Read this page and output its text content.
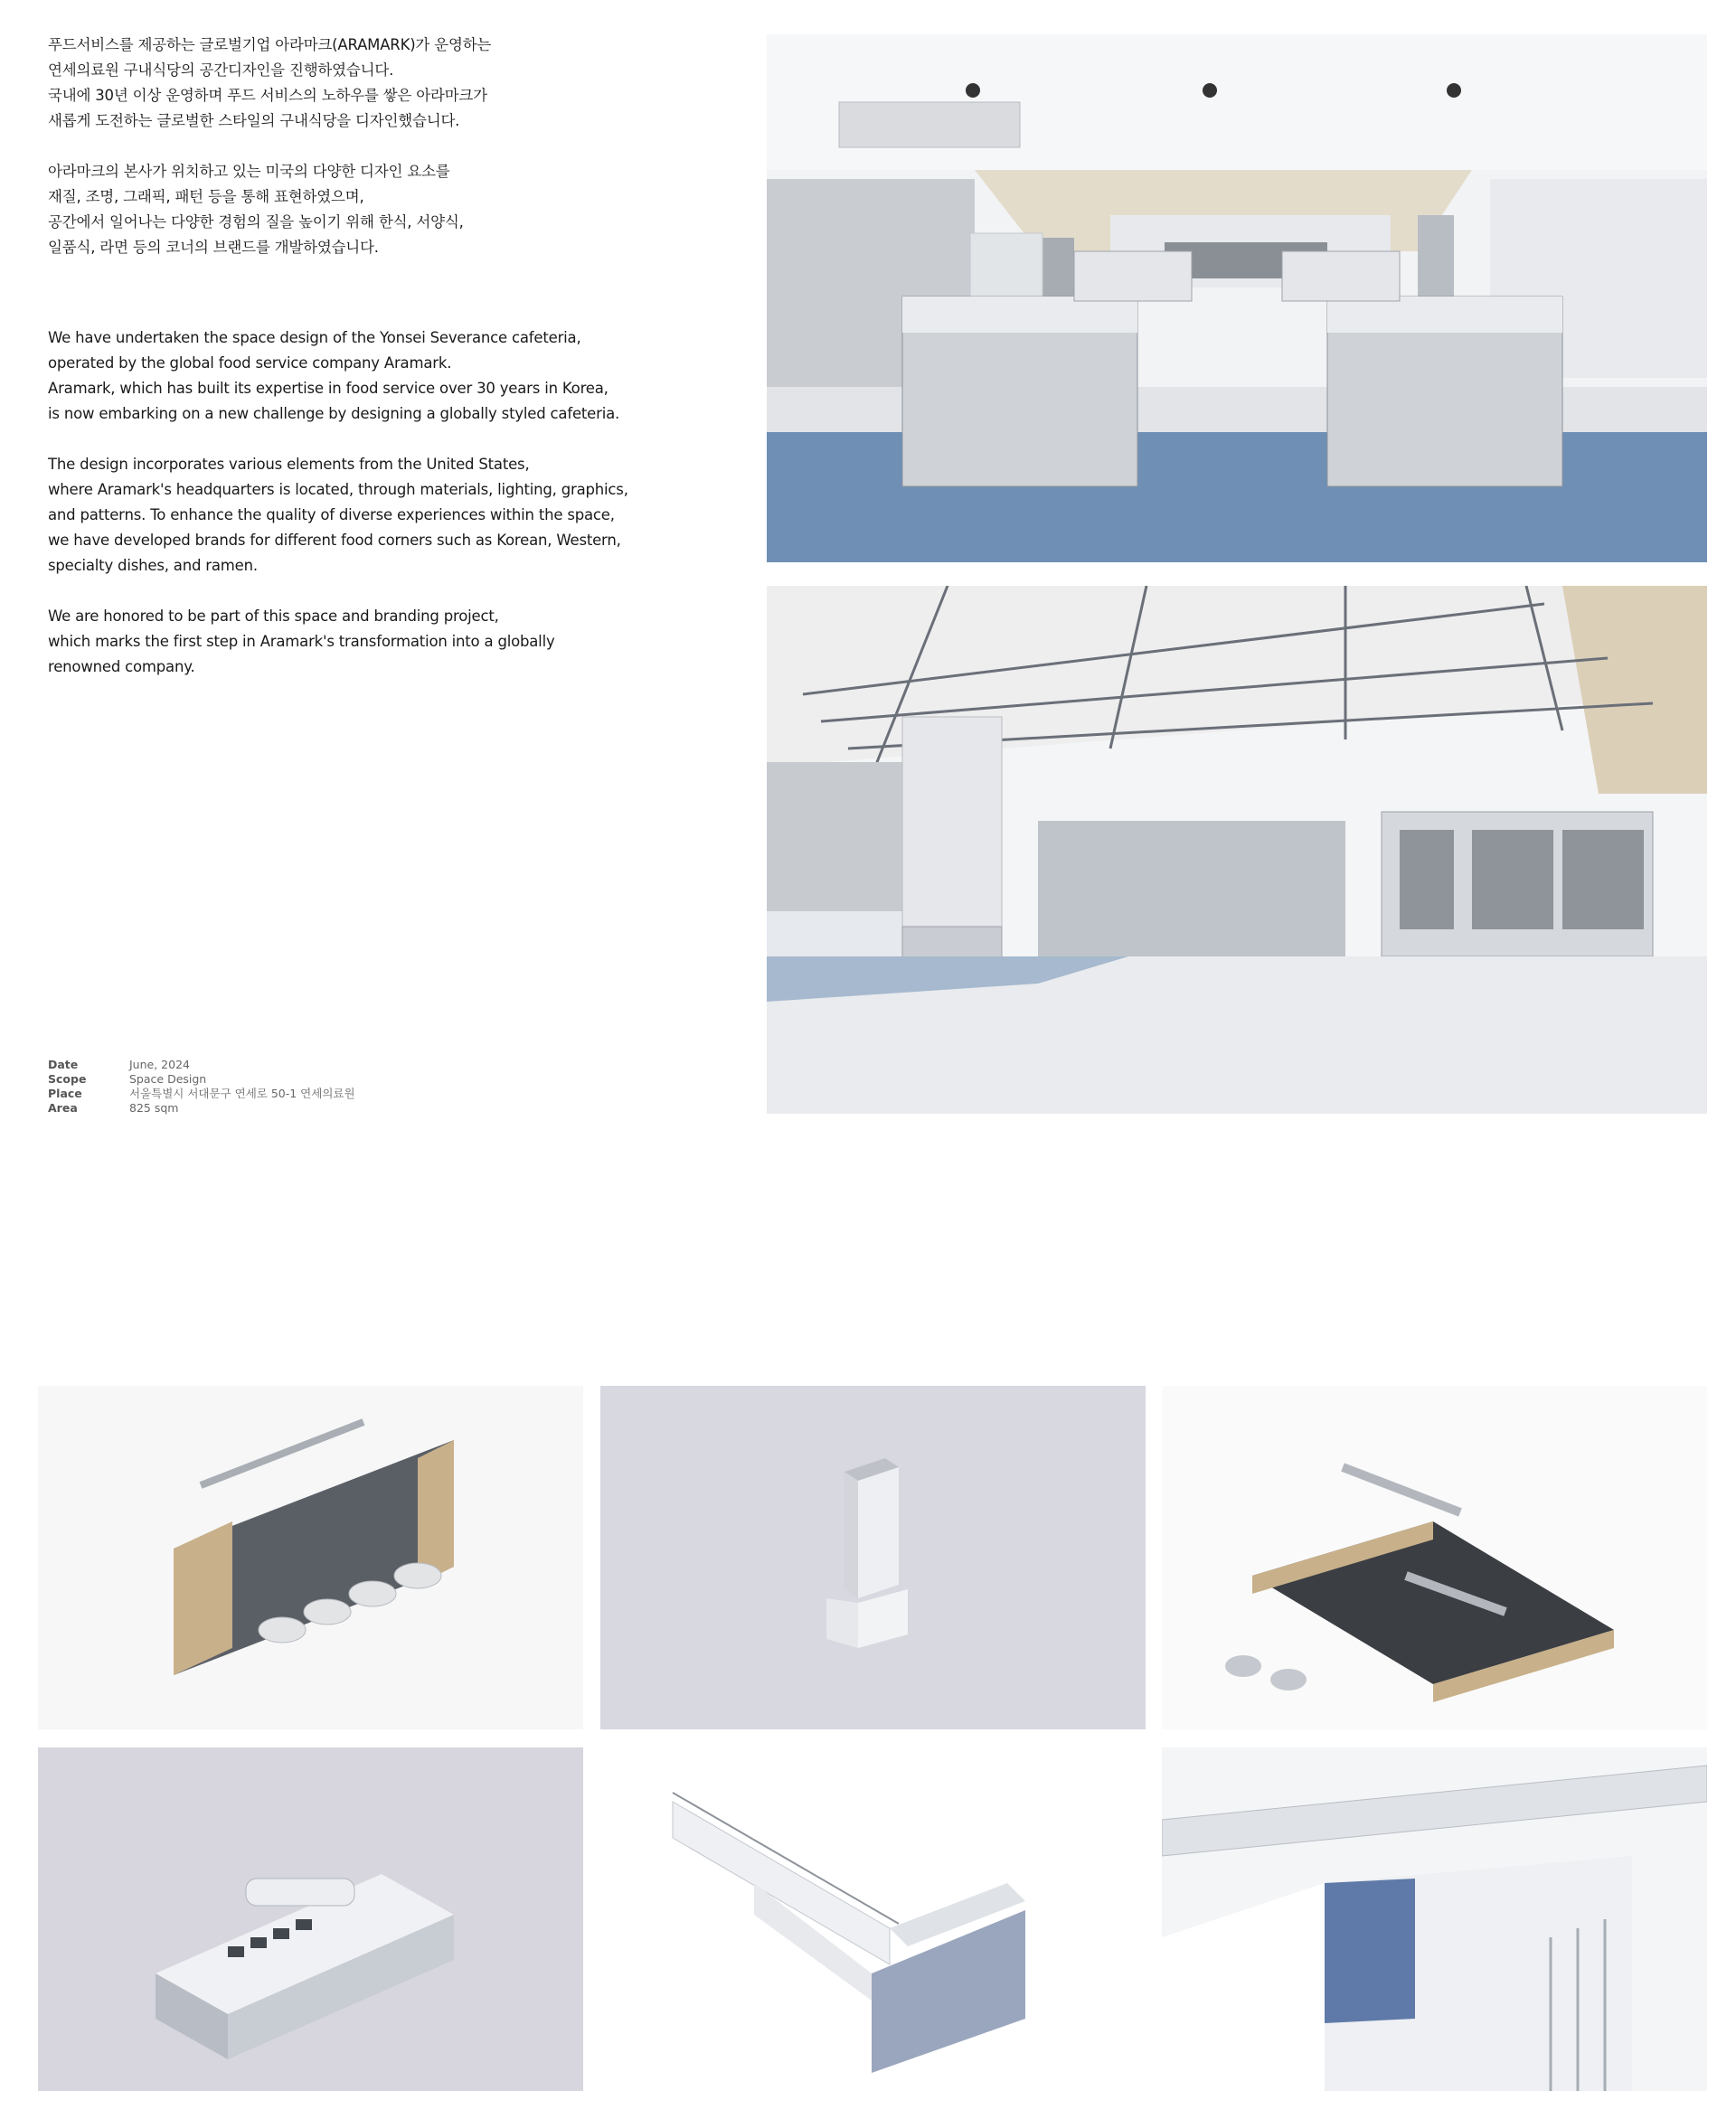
푸드서비스를 제공하는 글로벌기업 아라마크(ARAMARK)가 운영하는
연세의료원 구내식당의 공간디자인을 진행하였습니다.
국내에 30년 이상 운영하며 푸드 서비스의 노하우를 쌓은 아라마크가
새롭게 도전하는 글로벌한 스타일의 구내식당을 디자인했습니다.

아라마크의 본사가 위치하고 있는 미국의 다양한 디자인 요소를
재질, 조명, 그래픽, 패턴 등을 통해 표현하였으며,
공간에서 일어나는 다양한 경험의 질을 높이기 위해 한식, 서양식,
일품식, 라면 등의 코너의 브랜드를 개발하였습니다.

We have undertaken the space design of the Yonsei Severance cafeteria,
operated by the global food service company Aramark.
Aramark, which has built its expertise in food service over 30 years in Korea,
is now embarking on a new challenge by designing a globally styled cafeteria.

The design incorporates various elements from the United States,
where Aramark's headquarters is located, through materials, lighting, graphics,
and patterns. To enhance the quality of diverse experiences within the space,
we have developed brands for different food corners such as Korean, Western,
specialty dishes, and ramen.

We are honored to be part of this space and branding project,
which marks the first step in Aramark's transformation into a globally
renowned company.

Date	June, 2024
Scope	Space Design
Place	서울특별시 서대문구 연세로 50-1 연세의료원
Area	825 sqm
